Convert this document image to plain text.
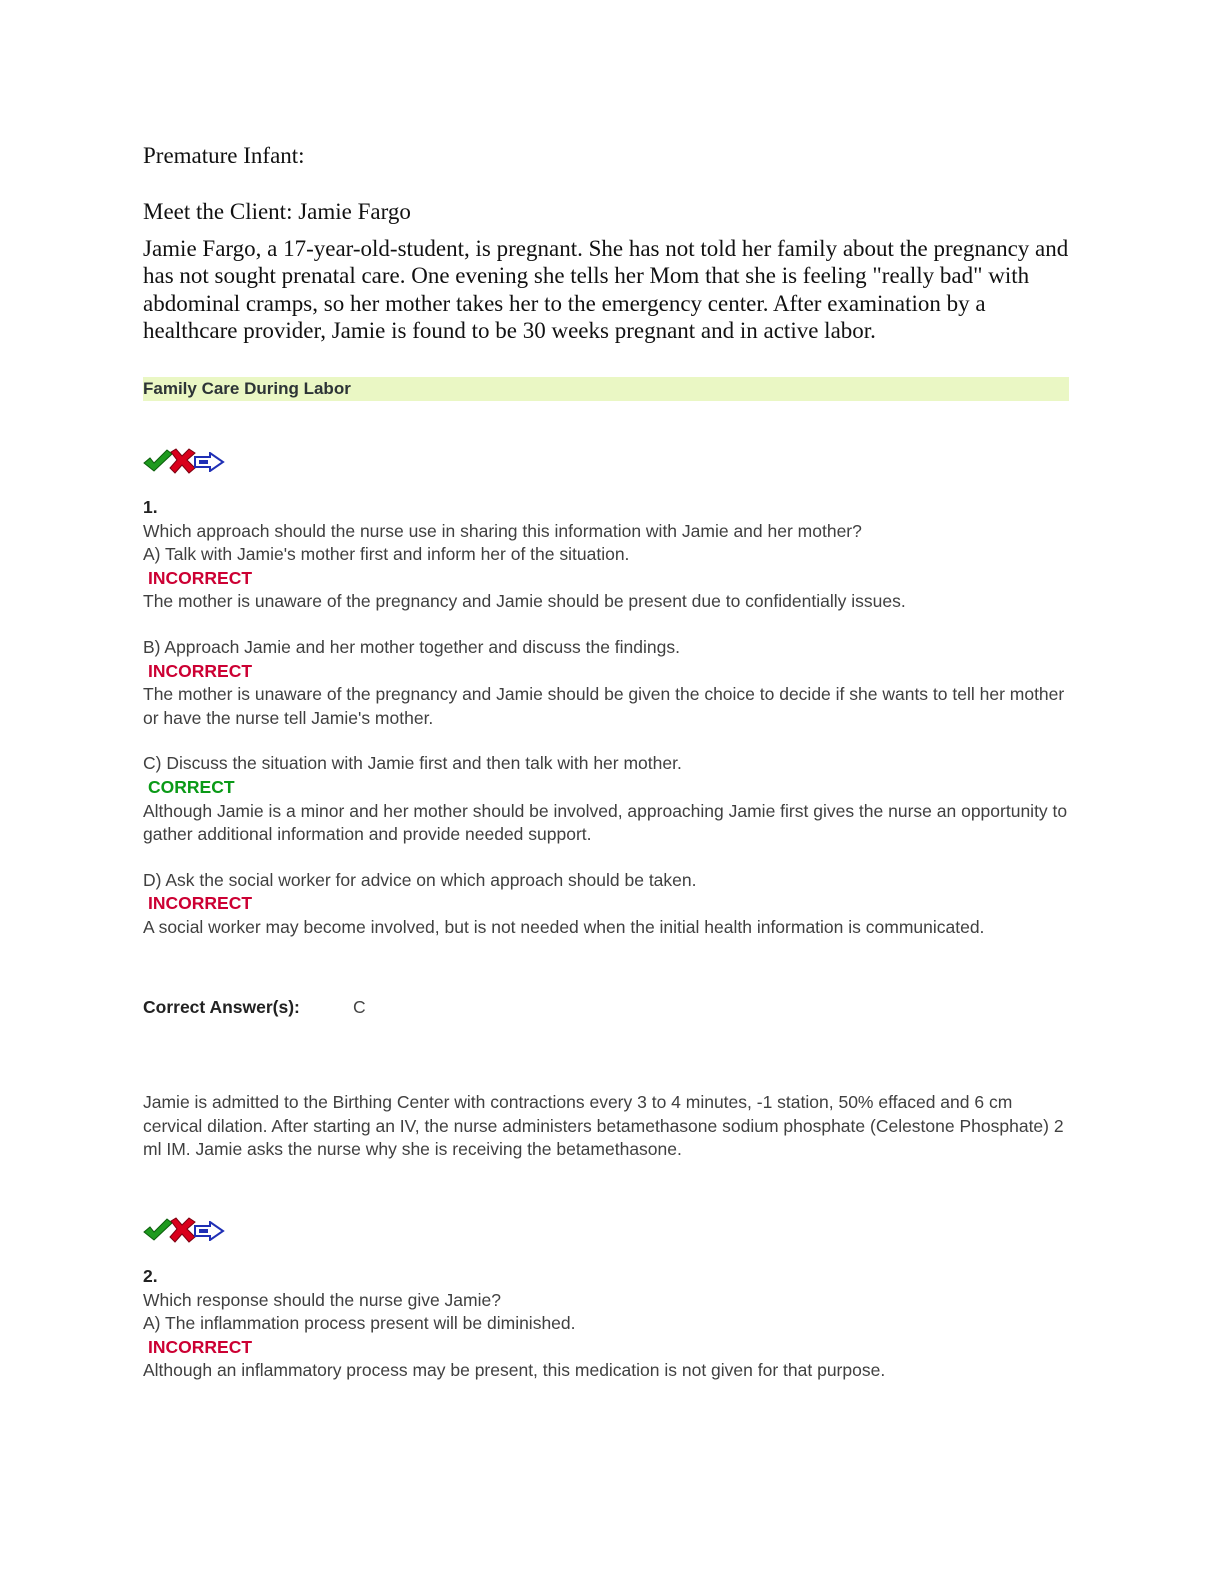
Premature Infant:
Meet the Client: Jamie Fargo
Jamie Fargo, a 17-year-old-student, is pregnant. She has not told her family about the pregnancy and has not sought prenatal care. One evening she tells her Mom that she is feeling "really bad" with abdominal cramps, so her mother takes her to the emergency center. After examination by a healthcare provider, Jamie is found to be 30 weeks pregnant and in active labor.
Family Care During Labor
1.
Which approach should the nurse use in sharing this information with Jamie and her mother?
A) Talk with Jamie's mother first and inform her of the situation.
INCORRECT
The mother is unaware of the pregnancy and Jamie should be present due to confidentially issues.
B) Approach Jamie and her mother together and discuss the findings.
INCORRECT
The mother is unaware of the pregnancy and Jamie should be given the choice to decide if she wants to tell her mother or have the nurse tell Jamie's mother.
C) Discuss the situation with Jamie first and then talk with her mother.
CORRECT
Although Jamie is a minor and her mother should be involved, approaching Jamie first gives the nurse an opportunity to gather additional information and provide needed support.
D) Ask the social worker for advice on which approach should be taken.
INCORRECT
A social worker may become involved, but is not needed when the initial health information is communicated.
Correct Answer(s):	C
Jamie is admitted to the Birthing Center with contractions every 3 to 4 minutes, -1 station, 50% effaced and 6 cm cervical dilation. After starting an IV, the nurse administers betamethasone sodium phosphate (Celestone Phosphate) 2 ml IM. Jamie asks the nurse why she is receiving the betamethasone.
2.
Which response should the nurse give Jamie?
A) The inflammation process present will be diminished.
INCORRECT
Although an inflammatory process may be present, this medication is not given for that purpose.
